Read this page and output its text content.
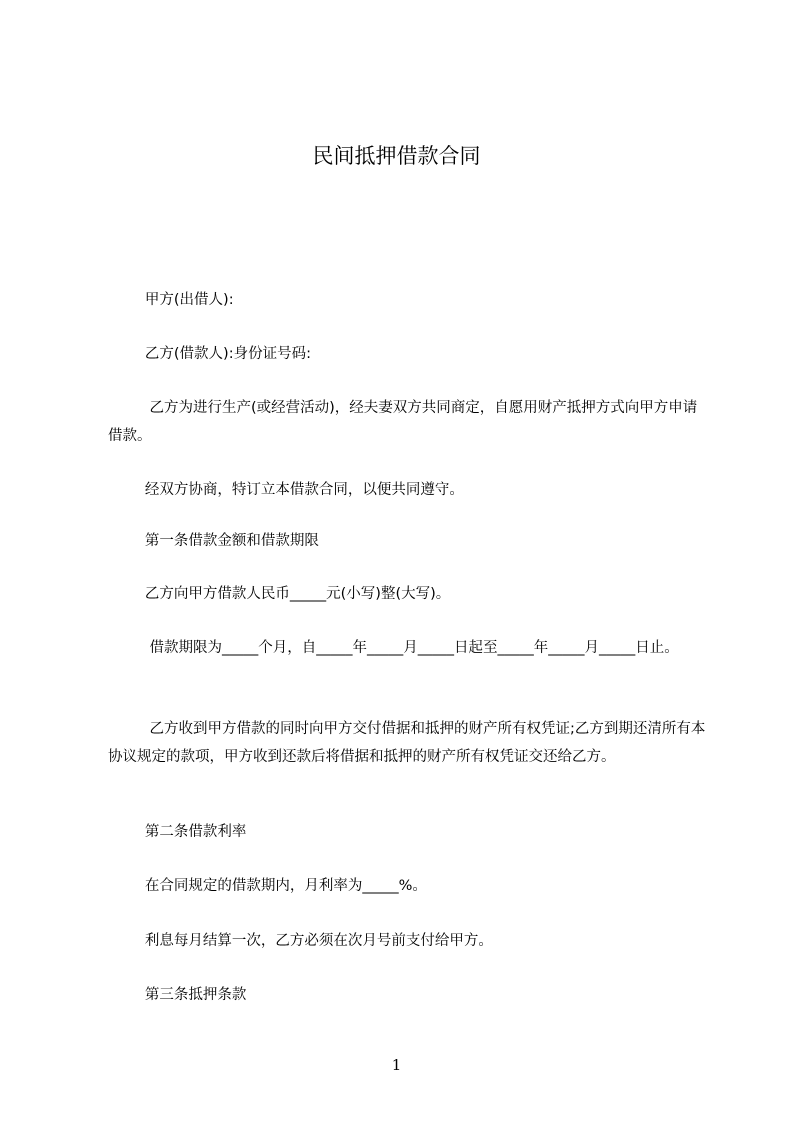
民间抵押借款合同
甲方(出借人):
乙方(借款人):身份证号码:
乙方为进行生产(或经营活动)，经夫妻双方共同商定，自愿用财产抵押方式向甲方申请借款。
经双方协商，特订立本借款合同，以便共同遵守。
第一条借款金额和借款期限
乙方向甲方借款人民币_____元(小写)整(大写)。
借款期限为_____个月，自_____年_____月_____日起至_____年_____月_____日止。
乙方收到甲方借款的同时向甲方交付借据和抵押的财产所有权凭证;乙方到期还清所有本协议规定的款项，甲方收到还款后将借据和抵押的财产所有权凭证交还给乙方。
第二条借款利率
在合同规定的借款期内，月利率为_____%。
利息每月结算一次，乙方必须在次月号前支付给甲方。
第三条抵押条款
1
